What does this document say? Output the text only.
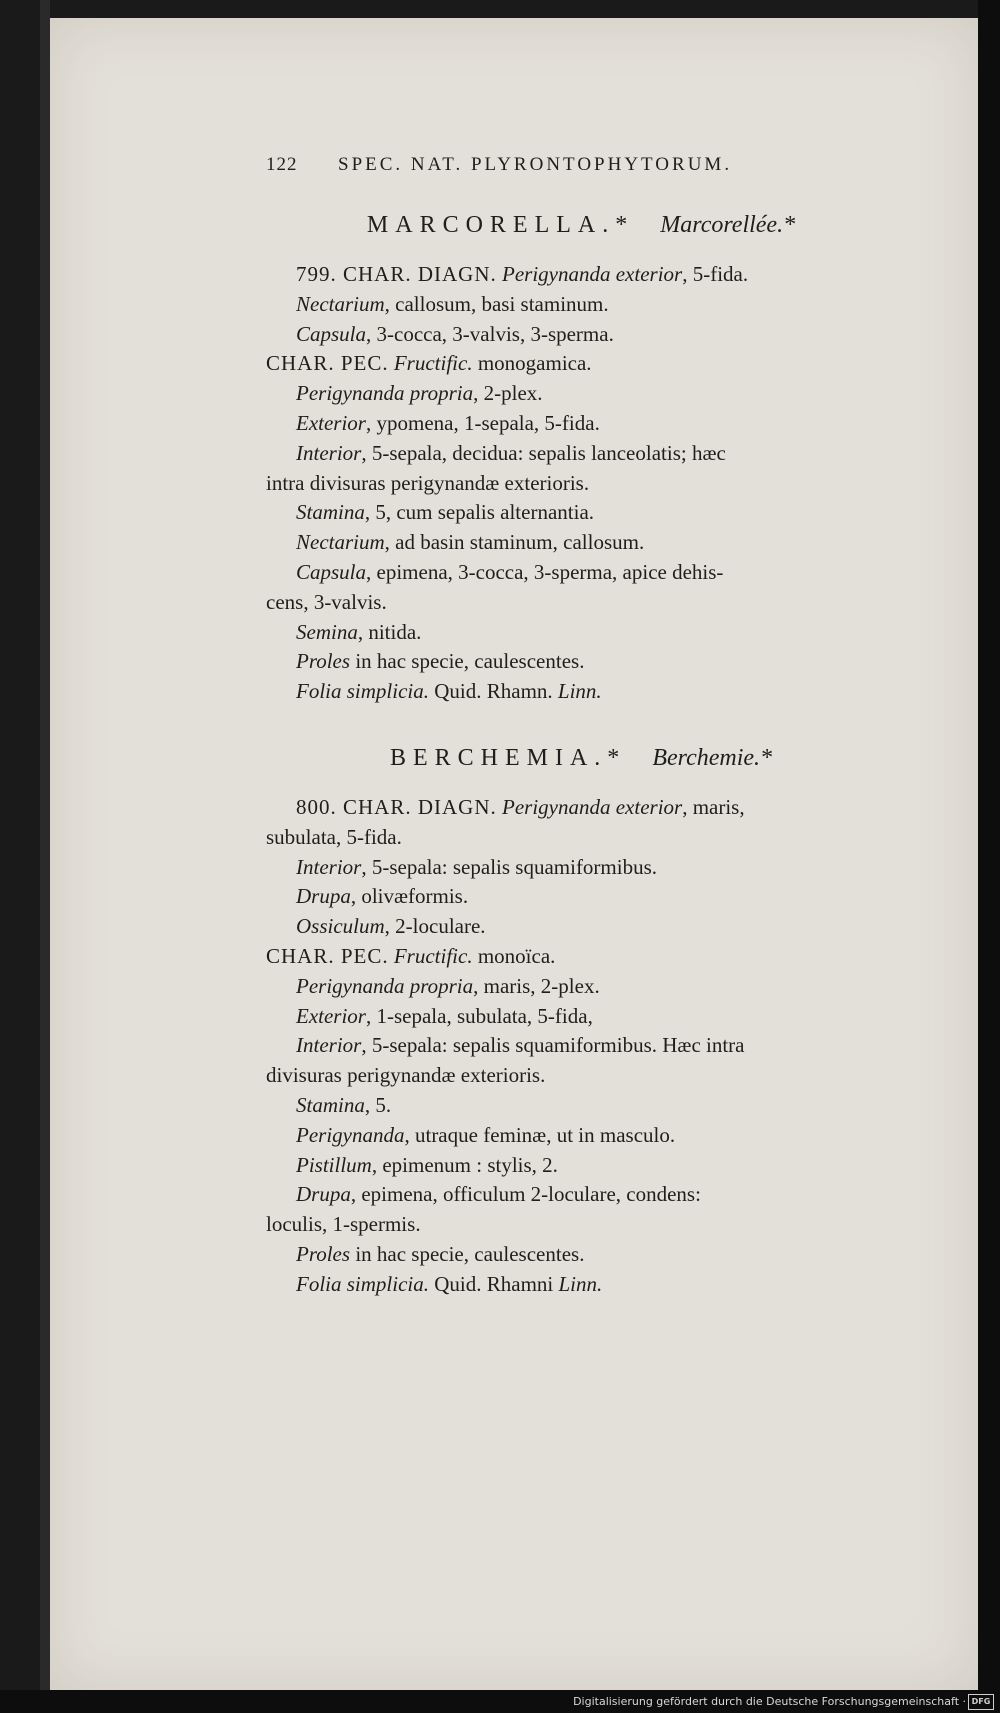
122	SPEC. NAT. PLYRONTOPHYTORUM.
MARCORELLA.* Marcorellée.*
799. CHAR. DIAGN. Perigynanda exterior, 5-fida.
Nectarium, callosum, basi staminum.
Capsula, 3-cocca, 3-valvis, 3-sperma.
CHAR. PEC. Fructific. monogamica.
Perigynanda propria, 2-plex.
Exterior, ypomena, 1-sepala, 5-fida.
Interior, 5-sepala, decidua: sepalis lanceolatis; hæc
intra divisuras perigynandæ exterioris.
Stamina, 5, cum sepalis alternantia.
Nectarium, ad basin staminum, callosum.
Capsula, epimena, 3-cocca, 3-sperma, apice dehis-
cens, 3-valvis.
Semina, nitida.
Proles in hac specie, caulescentes.
Folia simplicia. Quid. Rhamn. Linn.
BERCHEMIA.* Berchemie.*
800. CHAR. DIAGN. Perigynanda exterior, maris,
subulata, 5-fida.
Interior, 5-sepala: sepalis squamiformibus.
Drupa, olivæformis.
Ossiculum, 2-loculare.
CHAR. PEC. Fructific. monoïca.
Perigynanda propria, maris, 2-plex.
Exterior, 1-sepala, subulata, 5-fida,
Interior, 5-sepala: sepalis squamiformibus. Hæc intra
divisuras perigynandæ exterioris.
Stamina, 5.
Perigynanda, utraque feminæ, ut in masculo.
Pistillum, epimenum : stylis, 2.
Drupa, epimena, officulum 2-loculare, condens:
loculis, 1-spermis.
Proles in hac specie, caulescentes.
Folia simplicia. Quid. Rhamni Linn.
Digitalisierung gefördert durch die Deutsche Forschungsgemeinschaft · DFG
